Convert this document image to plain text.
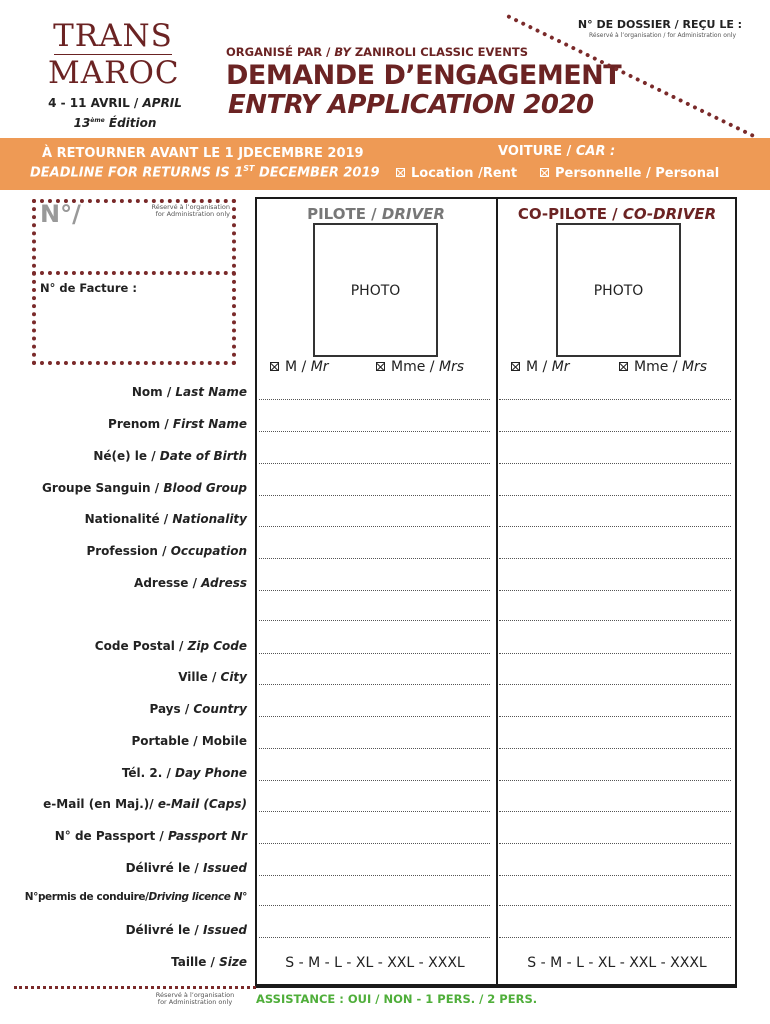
TRANS
MAROC
4 - 11 AVRIL / APRIL
13ème Édition
ORGANISÉ PAR / BY ZANIROLI CLASSIC EVENTS
DEMANDE D’ENGAGEMENT
ENTRY APPLICATION 2020
N° DE DOSSIER / REÇU LE :
Réservé à l’organisation / for Administration only
À RETOURNER AVANT LE 1 JDECEMBRE 2019
DEADLINE FOR RETURNS IS 1ST DECEMBER 2019
VOITURE / CAR :
Location /Rent	Personnelle / Personal
N°/	Réservé à l’organisation
for Administration only
N° de Facture :
PILOTE / DRIVER	CO-PILOTE / CO-DRIVER
PHOTO	PHOTO
M / Mr	Mme / Mrs	M / Mr	Mme / Mrs
Nom / Last Name
Prenom / First Name
Né(e) le / Date of Birth
Groupe Sanguin / Blood Group
Nationalité / Nationality
Profession / Occupation
Adresse / Adress
Code Postal / Zip Code
Ville / City
Pays / Country
Portable / Mobile
Tél. 2. / Day Phone
e-Mail (en Maj.)/ e-Mail (Caps)
N° de Passport / Passport Nr
Délivré le / Issued
N°permis de conduire/Driving licence N°
Délivré le / Issued
Taille / Size	S - M - L - XL - XXL - XXXL	S - M - L - XL - XXL - XXXL
Réservé à l’organisation
for Administration only	ASSISTANCE : OUI / NON - 1 PERS. / 2 PERS.
